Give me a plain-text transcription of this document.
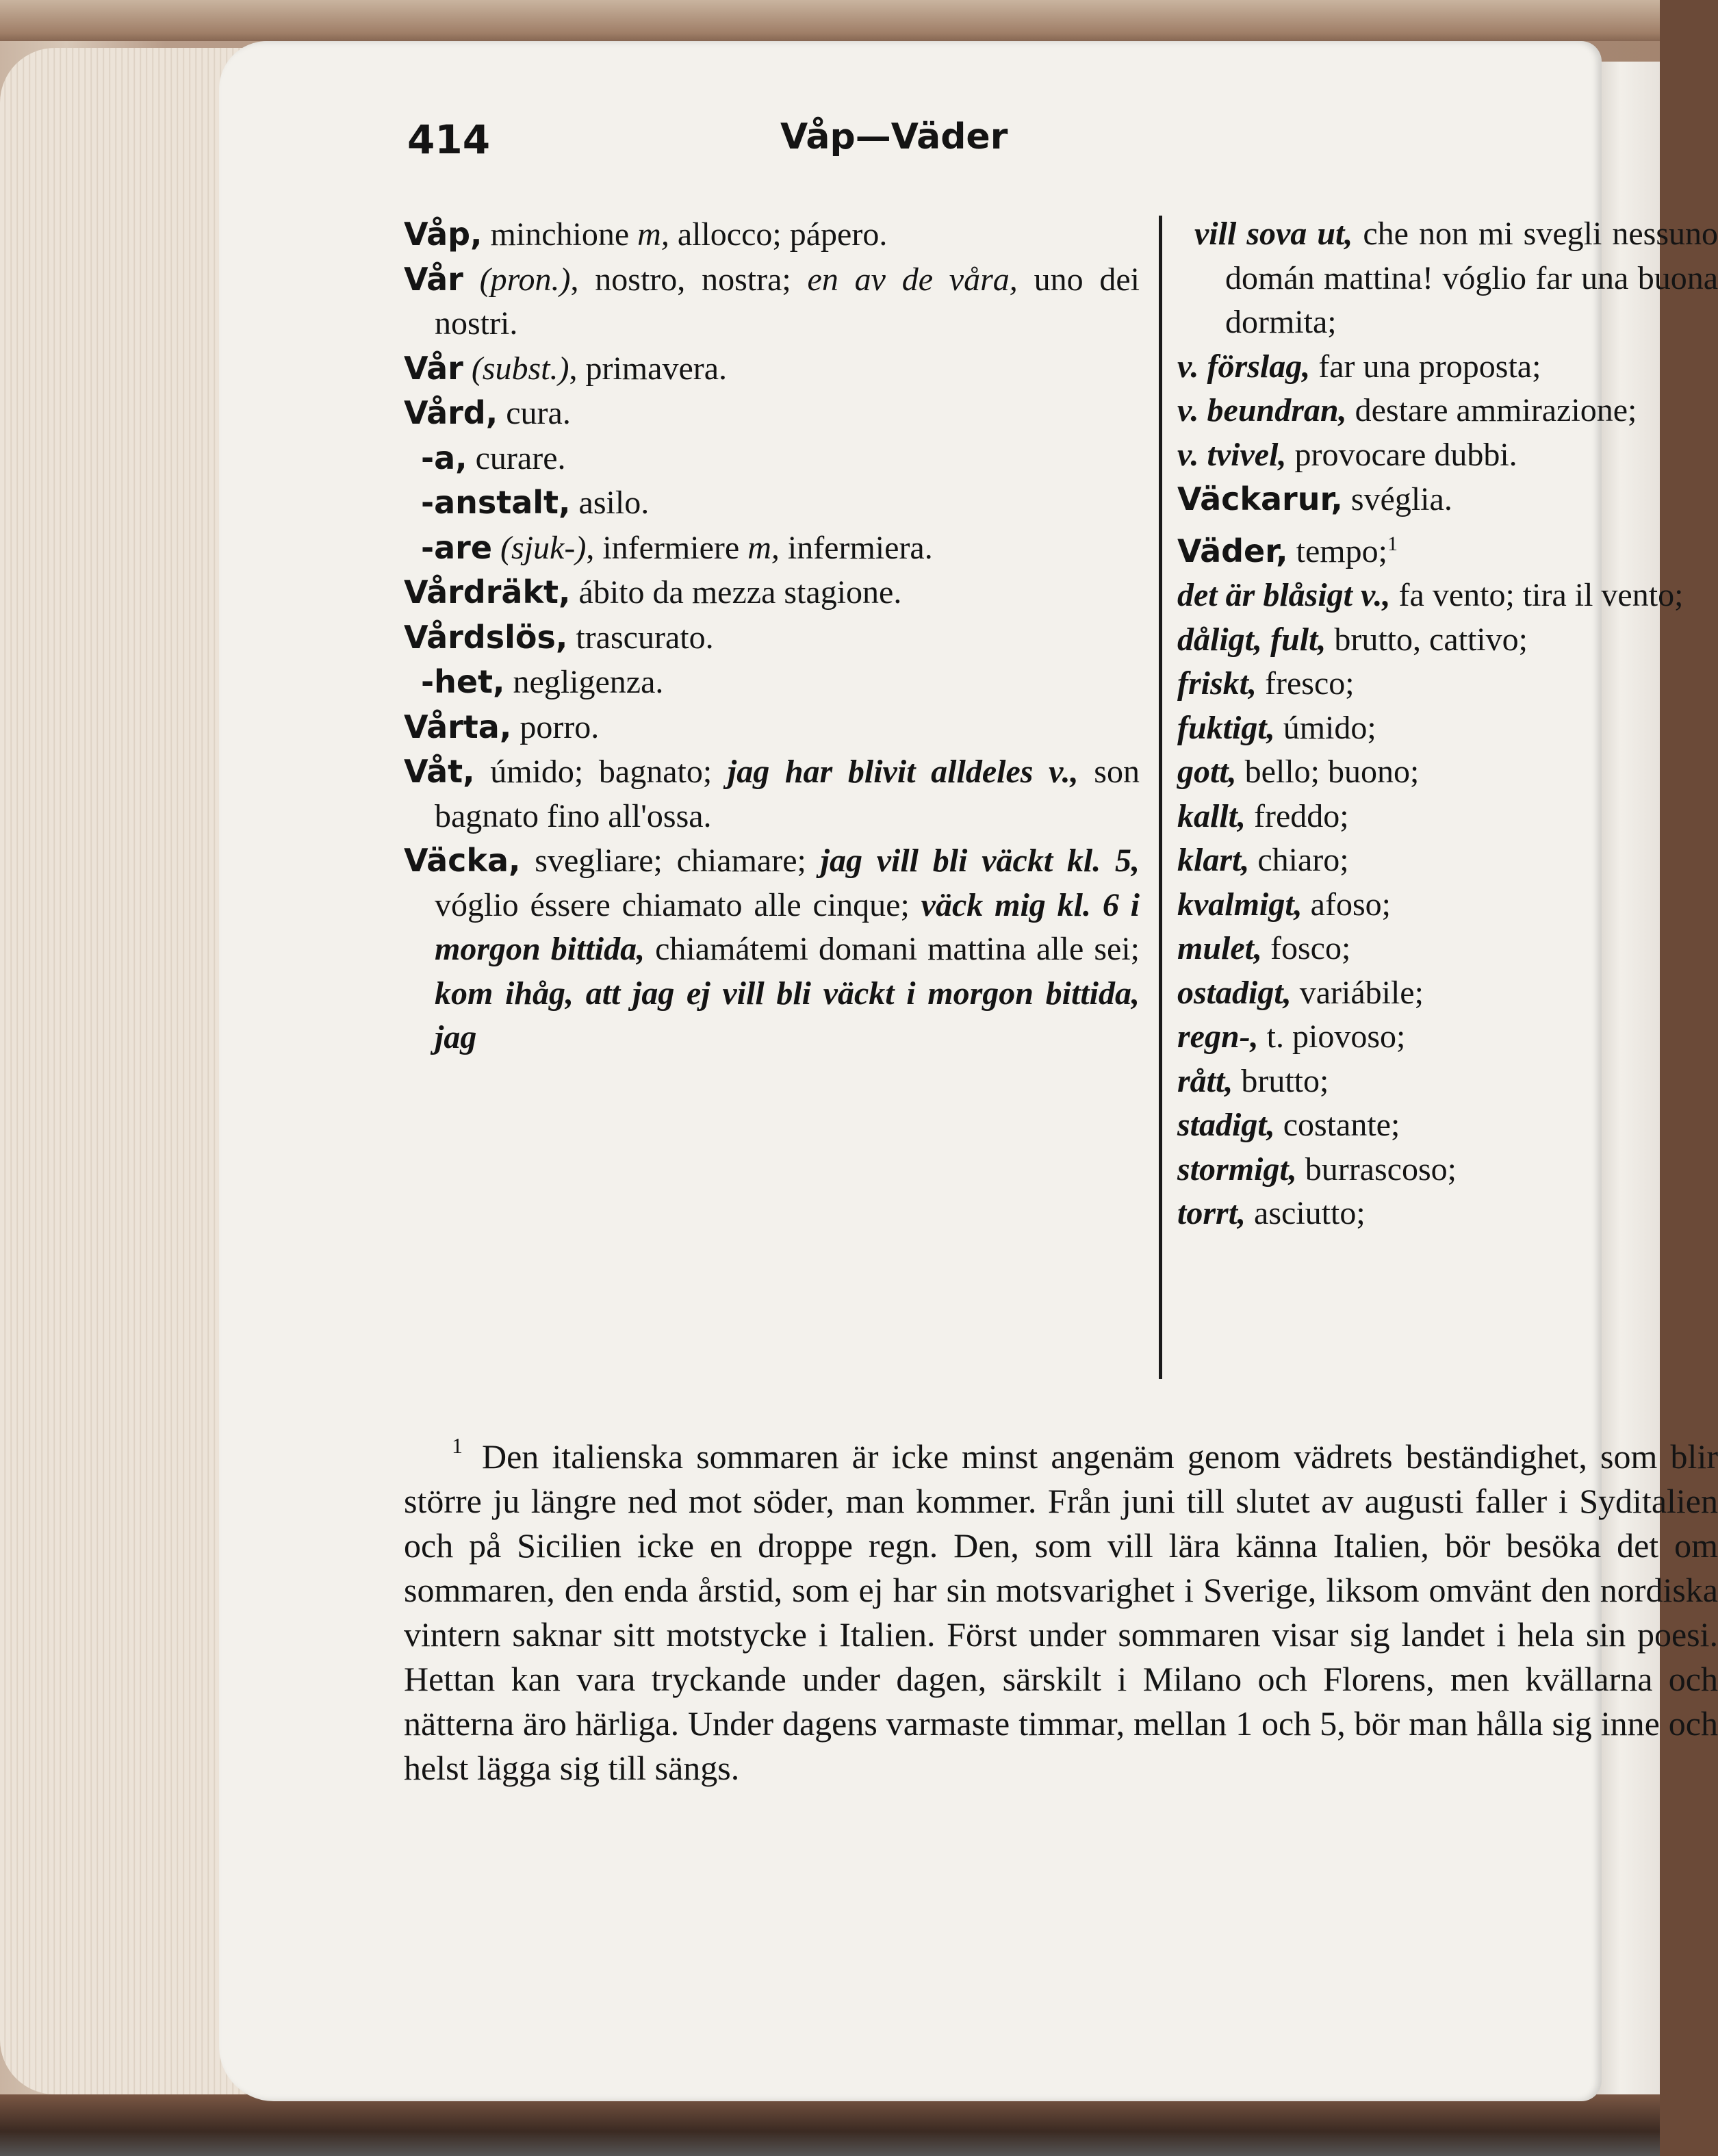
414	Våp—Väder

Våp, minchione m, allocco; pápero.

Vår (pron.), nostro, nostra; en av de våra, uno dei nostri.

Vår (subst.), primavera.

Vård, cura.

-a, curare.

-anstalt, asilo.

-are (sjuk-), infermiere m, infermiera.

Vårdräkt, ábito da mezza stagione.

Vårdslös, trascurato.

-het, negligenza.

Vårta, porro.

Våt, úmido; bagnato; jag har blivit alldeles v., son bagnato fino all'ossa.

Väcka, svegliare; chiamare; jag vill bli väckt kl. 5, vóglio éssere chiamato alle cinque; väck mig kl. 6 i morgon bittida, chiamátemi domani mattina alle sei; kom ihåg, att jag ej vill bli väckt i morgon bittida, jag

vill sova ut, che non mi svegli nessuno domán mattina! vóglio far una buona dormita;

v. förslag, far una proposta;

v. beundran, destare ammirazione;

v. tvivel, provocare dubbi.

Väckarur, svéglia.

Väder, tempo;$^1$

det är blåsigt v., fa vento; tira il vento;

dåligt, fult, brutto, cattivo;

friskt, fresco;

fuktigt, úmido;

gott, bello; buono;

kallt, freddo;

klart, chiaro;

kvalmigt, afoso;

mulet, fosco;

ostadigt, variábile;

regn-, t. piovoso;

rått, brutto;

stadigt, costante;

stormigt, burrascoso;

torrt, asciutto;

$^1$ Den italienska sommaren är icke minst angenäm genom vädrets beständighet, som blir större ju längre ned mot söder, man kommer. Från juni till slutet av augusti faller i Syditalien och på Sicilien icke en droppe regn. Den, som vill lära känna Italien, bör besöka det om sommaren, den enda årstid, som ej har sin motsvarighet i Sverige, liksom omvänt den nordiska vintern saknar sitt motstycke i Italien. Först under sommaren visar sig landet i hela sin poesi. Hettan kan vara tryckande under dagen, särskilt i Milano och Florens, men kvällarna och nätterna äro härliga. Under dagens varmaste timmar, mellan 1 och 5, bör man hålla sig inne och helst lägga sig till sängs.
